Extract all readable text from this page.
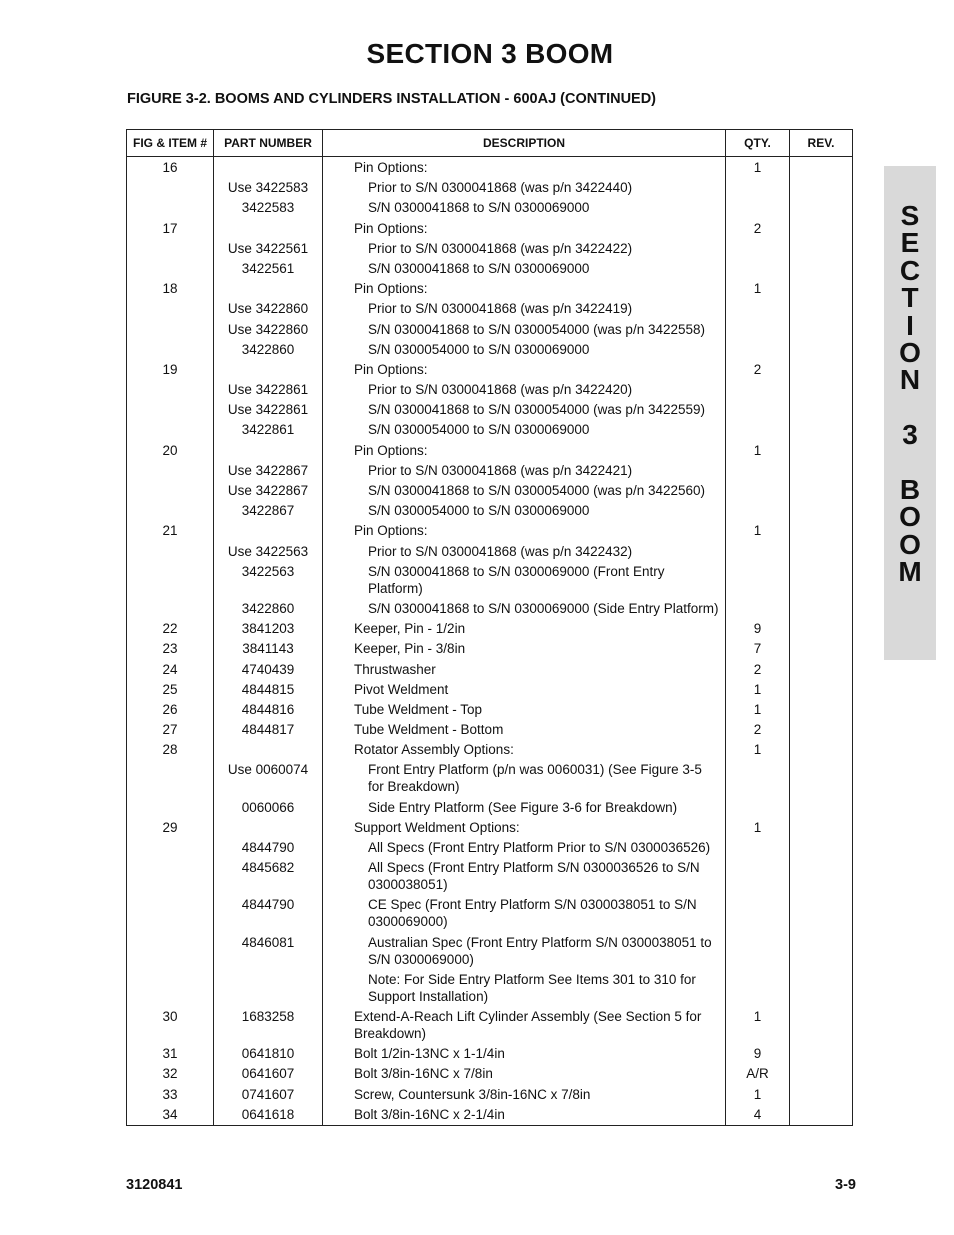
SECTION 3 BOOM
FIGURE 3-2. BOOMS AND CYLINDERS INSTALLATION - 600AJ (CONTINUED)
S
E
C
T
I
O
N
3
B
O
O
M
FIG & ITEM #	PART NUMBER	DESCRIPTION	QTY.	REV.
16		Pin Options:	1	
	Use 3422583	Prior to S/N 0300041868 (was p/n 3422440)		
	3422583	S/N 0300041868 to S/N 0300069000		
17		Pin Options:	2	
	Use 3422561	Prior to S/N 0300041868 (was p/n 3422422)		
	3422561	S/N 0300041868 to S/N 0300069000		
18		Pin Options:	1	
	Use 3422860	Prior to S/N 0300041868 (was p/n 3422419)		
	Use 3422860	S/N 0300041868 to S/N 0300054000 (was p/n 3422558)		
	3422860	S/N 0300054000 to S/N 0300069000		
19		Pin Options:	2	
	Use 3422861	Prior to S/N 0300041868 (was p/n 3422420)		
	Use 3422861	S/N 0300041868 to S/N 0300054000 (was p/n 3422559)		
	3422861	S/N 0300054000 to S/N 0300069000		
20		Pin Options:	1	
	Use 3422867	Prior to S/N 0300041868 (was p/n 3422421)		
	Use 3422867	S/N 0300041868 to S/N 0300054000 (was p/n 3422560)		
	3422867	S/N 0300054000 to S/N 0300069000		
21		Pin Options:	1	
	Use 3422563	Prior to S/N 0300041868 (was p/n 3422432)		
	3422563	S/N 0300041868 to S/N 0300069000 (Front Entry Platform)		
	3422860	S/N 0300041868 to S/N 0300069000 (Side Entry Platform)		
22	3841203	Keeper, Pin - 1/2in	9	
23	3841143	Keeper, Pin - 3/8in	7	
24	4740439	Thrustwasher	2	
25	4844815	Pivot Weldment	1	
26	4844816	Tube Weldment - Top	1	
27	4844817	Tube Weldment - Bottom	2	
28		Rotator Assembly Options:	1	
	Use 0060074	Front Entry Platform (p/n was 0060031) (See Figure 3-5 for Breakdown)		
	0060066	Side Entry Platform (See Figure 3-6 for Breakdown)		
29		Support Weldment Options:	1	
	4844790	All Specs (Front Entry Platform Prior to S/N 0300036526)		
	4845682	All Specs (Front Entry Platform S/N 0300036526 to S/N 0300038051)		
	4844790	CE Spec (Front Entry Platform S/N 0300038051 to S/N 0300069000)		
	4846081	Australian Spec (Front Entry Platform S/N 0300038051 to S/N 0300069000)		
		Note: For Side Entry Platform See Items 301 to 310 for Support Installation)		
30	1683258	Extend-A-Reach Lift Cylinder Assembly (See Section 5 for Breakdown)	1	
31	0641810	Bolt 1/2in-13NC x 1-1/4in	9	
32	0641607	Bolt 3/8in-16NC x 7/8in	A/R	
33	0741607	Screw, Countersunk 3/8in-16NC x 7/8in	1	
34	0641618	Bolt 3/8in-16NC x 2-1/4in	4	
3120841	3-9
